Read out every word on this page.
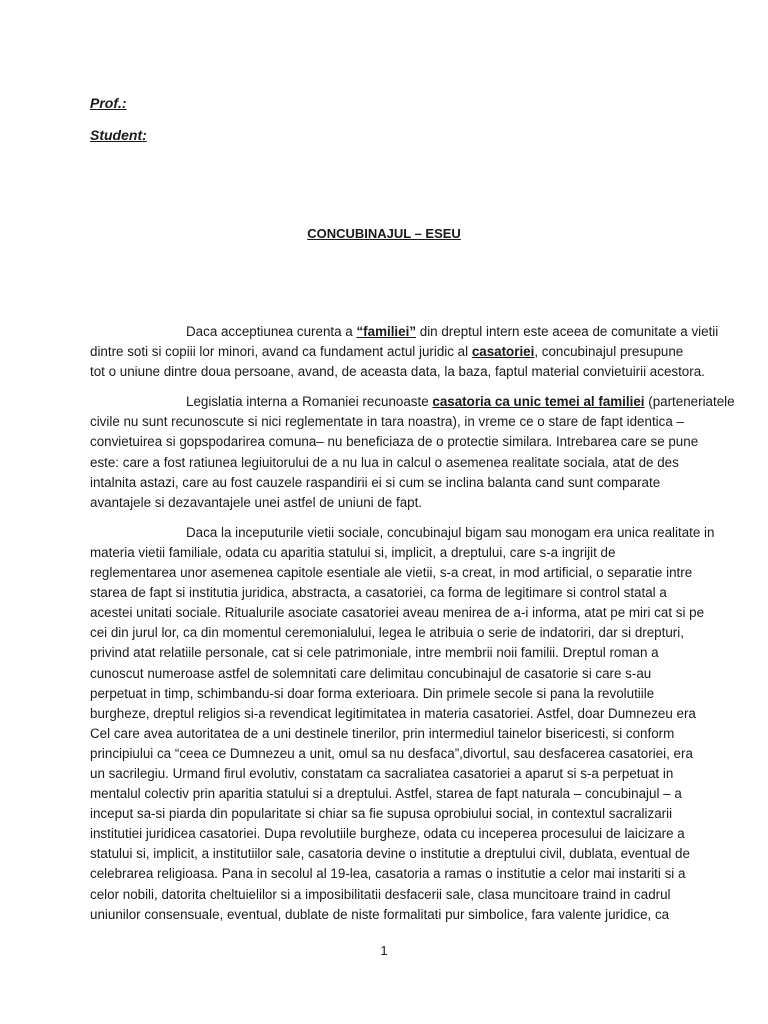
Prof.:
Student:
CONCUBINAJUL – ESEU

Daca acceptiunea curenta a “familiei” din dreptul intern este aceea de comunitate a vietii
dintre soti si copiii lor minori, avand ca fundament actul juridic al casatoriei, concubinajul presupune
tot o uniune dintre doua persoane, avand, de aceasta data, la baza, faptul material convietuirii acestora.

Legislatia interna a Romaniei recunoaste casatoria ca unic temei al familiei (parteneriatele
civile nu sunt recunoscute si nici reglementate in tara noastra), in vreme ce o stare de fapt identica –
convietuirea si gopspodarirea comuna– nu beneficiaza de o protectie similara. Intrebarea care se pune
este: care a fost ratiunea legiuitorului de a nu lua in calcul o asemenea realitate sociala, atat de des
intalnita astazi, care au fost cauzele raspandirii ei si cum se inclina balanta cand sunt comparate
avantajele si dezavantajele unei astfel de uniuni de fapt.

Daca la inceputurile vietii sociale, concubinajul bigam sau monogam era unica realitate in
materia vietii familiale, odata cu aparitia statului si, implicit, a dreptului, care s-a ingrijit de
reglementarea unor asemenea capitole esentiale ale vietii, s-a creat, in mod artificial, o separatie intre
starea de fapt si institutia juridica, abstracta, a casatoriei, ca forma de legitimare si control statal a
acestei unitati sociale. Ritualurile asociate casatoriei aveau menirea de a-i informa, atat pe miri cat si pe
cei din jurul lor, ca din momentul ceremonialului, legea le atribuia o serie de indatoriri, dar si drepturi,
privind atat relatiile personale, cat si cele patrimoniale, intre membrii noii familii. Dreptul roman a
cunoscut numeroase astfel de solemnitati care delimitau concubinajul de casatorie si care s-au
perpetuat in timp, schimbandu-si doar forma exterioara. Din primele secole si pana la revolutiile
burgheze, dreptul religios si-a revendicat legitimitatea in materia casatoriei. Astfel, doar Dumnezeu era
Cel care avea autoritatea de a uni destinele tinerilor, prin intermediul tainelor bisericesti, si conform
principiului ca “ceea ce Dumnezeu a unit, omul sa nu desfaca”,divortul, sau desfacerea casatoriei, era
un sacrilegiu. Urmand firul evolutiv, constatam ca sacraliatea casatoriei a aparut si s-a perpetuat in
mentalul colectiv prin aparitia statului si a dreptului. Astfel, starea de fapt naturala – concubinajul – a
inceput sa-si piarda din popularitate si chiar sa fie supusa oprobiului social, in contextul sacralizarii
institutiei juridicea casatoriei. Dupa revolutiile burgheze, odata cu inceperea procesului de laicizare a
statului si, implicit, a institutiilor sale, casatoria devine o institutie a dreptului civil, dublata, eventual de
celebrarea religioasa. Pana in secolul al 19-lea, casatoria a ramas o institutie a celor mai instariti si a
celor nobili, datorita cheltuielilor si a imposibilitatii desfacerii sale, clasa muncitoare traind in cadrul
uniunilor consensuale, eventual, dublate de niste formalitati pur simbolice, fara valente juridice, ca

1
